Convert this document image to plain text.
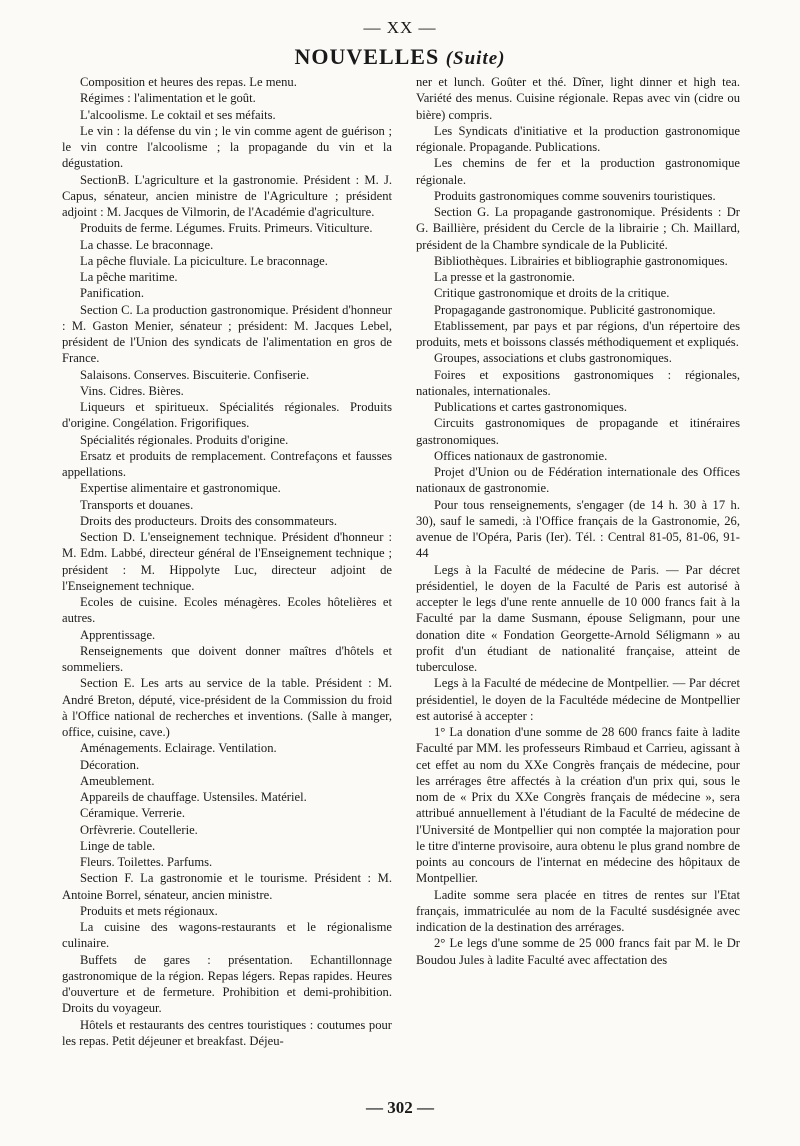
— XX —
NOUVELLES (Suite)

Composition et heures des repas. Le menu.

Régimes : l'alimentation et le goût.

L'alcoolisme. Le coktail et ses méfaits.

Le vin : la défense du vin ; le vin comme agent de guérison ; le vin contre l'alcoolisme ; la propagande du vin et la dégustation.

SectionB. L'agriculture et la gastronomie. Président : M. J. Capus, sénateur, ancien ministre de l'Agriculture ; président adjoint : M. Jacques de Vilmorin, de l'Académie d'agriculture.

Produits de ferme. Légumes. Fruits. Primeurs. Viticulture.

La chasse. Le braconnage.

La pêche fluviale. La piciculture. Le braconnage.

La pêche maritime.

Panification.

Section C. La production gastronomique. Président d'honneur : M. Gaston Menier, sénateur ; président: M. Jacques Lebel, président de l'Union des syndicats de l'alimentation en gros de France.

Salaisons. Conserves. Biscuiterie. Confiserie.

Vins. Cidres. Bières.

Liqueurs et spiritueux. Spécialités régionales. Produits d'origine. Congélation. Frigorifiques.

Spécialités régionales. Produits d'origine.

Ersatz et produits de remplacement. Contrefaçons et fausses appellations.

Expertise alimentaire et gastronomique.

Transports et douanes.

Droits des producteurs. Droits des consommateurs.

Section D. L'enseignement technique. Président d'honneur : M. Edm. Labbé, directeur général de l'Enseignement technique ; président : M. Hippolyte Luc, directeur adjoint de l'Enseignement technique.

Ecoles de cuisine. Ecoles ménagères. Ecoles hôtelières et autres.

Apprentissage.

Renseignements que doivent donner maîtres d'hôtels et sommeliers.

Section E. Les arts au service de la table. Président : M. André Breton, député, vice-président de la Commission du froid à l'Office national de recherches et inventions. (Salle à manger, office, cuisine, cave.)

Aménagements. Eclairage. Ventilation.

Décoration.

Ameublement.

Appareils de chauffage. Ustensiles. Matériel.

Céramique. Verrerie.

Orfèvrerie. Coutellerie.

Linge de table.

Fleurs. Toilettes. Parfums.

Section F. La gastronomie et le tourisme. Président : M. Antoine Borrel, sénateur, ancien ministre.

Produits et mets régionaux.

La cuisine des wagons-restaurants et le régionalisme culinaire.

Buffets de gares : présentation. Echantillonnage gastronomique de la région. Repas légers. Repas rapides. Heures d'ouverture et de fermeture. Prohibition et demi-prohibition. Droits du voyageur.

Hôtels et restaurants des centres touristiques : coutumes pour les repas. Petit déjeuner et breakfast. Déjeu-

ner et lunch. Goûter et thé. Dîner, light dinner et high tea. Variété des menus. Cuisine régionale. Repas avec vin (cidre ou bière) compris.

Les Syndicats d'initiative et la production gastronomique régionale. Propagande. Publications.

Les chemins de fer et la production gastronomique régionale.

Produits gastronomiques comme souvenirs touristiques.

Section G. La propagande gastronomique. Présidents : Dr G. Baillière, président du Cercle de la librairie ; Ch. Maillard, président de la Chambre syndicale de la Publicité.

Bibliothèques. Librairies et bibliographie gastronomiques.

La presse et la gastronomie.

Critique gastronomique et droits de la critique.

Propagagande gastronomique. Publicité gastronomique.

Etablissement, par pays et par régions, d'un répertoire des produits, mets et boissons classés méthodiquement et expliqués.

Groupes, associations et clubs gastronomiques.

Foires et expositions gastronomiques : régionales, nationales, internationales.

Publications et cartes gastronomiques.

Circuits gastronomiques de propagande et itinéraires gastronomiques.

Offices nationaux de gastronomie.

Projet d'Union ou de Fédération internationale des Offices nationaux de gastronomie.

Pour tous renseignements, s'engager (de 14 h. 30 à 17 h. 30), sauf le samedi, :à l'Office français de la Gastronomie, 26, avenue de l'Opéra, Paris (Ier). Tél. : Central 81-05, 81-06, 91-44

Legs à la Faculté de médecine de Paris. — Par décret présidentiel, le doyen de la Faculté de Paris est autorisé à accepter le legs d'une rente annuelle de 10 000 francs fait à la Faculté par la dame Susmann, épouse Seligmann, pour une donation dite « Fondation Georgette-Arnold Séligmann » au profit d'un étudiant de nationalité française, atteint de tuberculose.

Legs à la Faculté de médecine de Montpellier. — Par décret présidentiel, le doyen de la Facultéde médecine de Montpellier est autorisé à accepter :

1° La donation d'une somme de 28 600 francs faite à ladite Faculté par MM. les professeurs Rimbaud et Carrieu, agissant à cet effet au nom du XXe Congrès français de médecine, pour les arrérages être affectés à la création d'un prix qui, sous le nom de « Prix du XXe Congrès français de médecine », sera attribué annuellement à l'étudiant de la Faculté de médecine de l'Université de Montpellier qui non comptée la majoration pour le titre d'interne provisoire, aura obtenu le plus grand nombre de points au concours de l'internat en médecine des hôpitaux de Montpellier.

Ladite somme sera placée en titres de rentes sur l'Etat français, immatriculée au nom de la Faculté susdésignée avec indication de la destination des arrérages.

2° Le legs d'une somme de 25 000 francs fait par M. le Dr Boudou Jules à ladite Faculté avec affectation des

— 302 —
